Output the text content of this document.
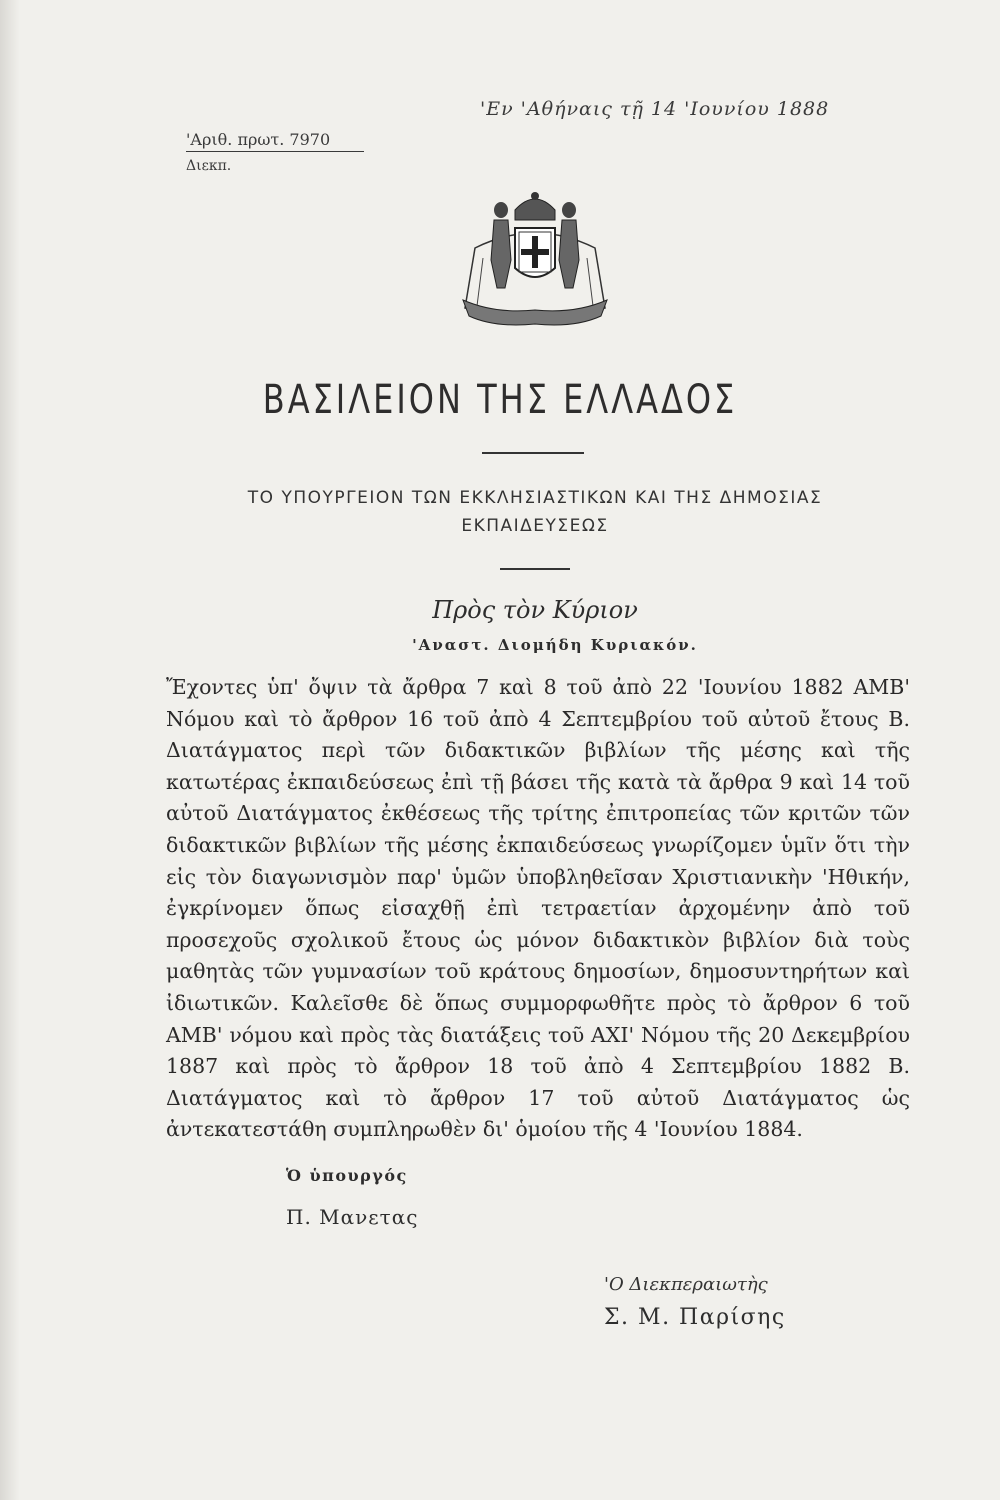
'Εν 'Αθήναις τῇ 14 'Ιουνίου 1888
'Αριθ. πρωτ. 7970
Διεκπ.
ΒΑΣΙΛΕΙΟΝ ΤΗΣ ΕΛΛΑΔΟΣ
ΤΟ ΥΠΟΥΡΓΕΙΟΝ ΤΩΝ ΕΚΚΛΗΣΙΑΣΤΙΚΩΝ ΚΑΙ ΤΗΣ ΔΗΜΟΣΙΑΣ
ΕΚΠΑΙΔΕΥΣΕΩΣ
Πρὸς τὸν Κύριον
'Αναστ. Διομήδη Κυριακόν.
Ἔχοντες ὑπ' ὄψιν τὰ ἄρθρα 7 καὶ 8 τοῦ ἀπὸ 22 'Ιουνίου 1882 ΑΜΒ' Νόμου καὶ τὸ ἄρθρον 16 τοῦ ἀπὸ 4 Σεπτεμβρίου τοῦ αὐτοῦ ἔτους Β. Διατάγματος περὶ τῶν διδακτικῶν βιβλίων τῆς μέσης καὶ τῆς κατωτέρας ἐκπαιδεύσεως ἐπὶ τῇ βάσει τῆς κατὰ τὰ ἄρθρα 9 καὶ 14 τοῦ αὐτοῦ Διατάγματος ἐκθέσεως τῆς τρίτης ἐπιτροπείας τῶν κριτῶν τῶν διδακτικῶν βιβλίων τῆς μέσης ἐκπαιδεύσεως γνωρίζομεν ὑμῖν ὅτι τὴν εἰς τὸν διαγωνισμὸν παρ' ὑμῶν ὑποβληθεῖσαν Χριστιανικὴν 'Ηθικήν, ἐγκρίνομεν ὅπως εἰσαχθῇ ἐπὶ τετραετίαν ἀρχομένην ἀπὸ τοῦ προσεχοῦς σχολικοῦ ἔτους ὡς μόνον διδακτικὸν βιβλίον διὰ τοὺς μαθητὰς τῶν γυμνασίων τοῦ κράτους δημοσίων, δημοσυντηρήτων καὶ ἰδιωτικῶν. Καλεῖσθε δὲ ὅπως συμμορφωθῆτε πρὸς τὸ ἄρθρον 6 τοῦ ΑΜΒ' νόμου καὶ πρὸς τὰς διατάξεις τοῦ ΑΧΙ' Νόμου τῆς 20 Δεκεμβρίου 1887 καὶ πρὸς τὸ ἄρθρον 18 τοῦ ἀπὸ 4 Σεπτεμβρίου 1882 Β. Διατάγματος καὶ τὸ ἄρθρον 17 τοῦ αὐτοῦ Διατάγματος ὡς ἀντεκατεστάθη συμπληρωθὲν δι' ὁμοίου τῆς 4 'Ιουνίου 1884.
Ὁ ὑπουργός
Π. Μανετας
'Ο Διεκπεραιωτὴς
Σ. Μ. Παρίσης
